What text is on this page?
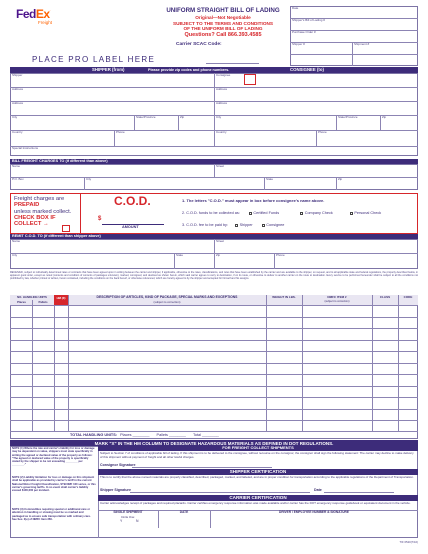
FedEx.
Freight
UNIFORM STRAIGHT BILL OF LADING
Original—Not Negotiable
SUBJECT TO THE TERMS AND CONDITIONS
OF THE UNIFORM BILL OF LADING
Questions? Call 866.393.4585
Carrier SCAC Code:
PLACE PRO LABEL HERE
Date
Shipper's Bill of Lading #
Purchase Order #
Shipper #	Shipment #
SHIPPER (from)	Please provide zip codes and phone numbers.	CONSIGNEE (to)
Shipper	Consignee
Address	Address
Address	Address
City	State/Province	Zip	City	State/Province	Zip
Country	Phone	Country	Phone
Special Instructions
BILL FREIGHT CHARGES TO (if different than above)
Name	Street
P.O. Box	City	State	Zip
Freight charges are PREPAID
unless marked collect.
CHECK BOX IF
COLLECT →
C.O.D.
$
AMOUNT
1. The letters "C.O.D." must appear in box before consignee's name above.
2. C.O.D. funds to be collected as:	Certified Funds	Company Check	Personal Check
3. C.O.D. fee to be paid by:	Shipper	Consignee
REMIT C.O.D. TO (if different than shipper above)
Name	Street
City	State	Zip	Phone
RECEIVED, subject to individually determined rates or contracts that have been agreed upon in writing between the carrier and shipper, if applicable, otherwise to the rates, classifications, and rules that have been established by the carrier and are available to the shipper, on request, and to all applicable state and federal regulations, the property described below, in apparent good order, except as noted (contents and condition of contents of packages unknown), marked, consigned, and destined as shown herein, which said carrier agrees to carry to destination, if on its route, or otherwise to deliver to another carrier on the route to destination. Every service to be performed hereunder shall be subject to all the conditions not prohibited by law, whether printed or written, herein contained, including the conditions on the back hereof, or otherwise referenced, which are hereby agreed to by the shipper and accepted for himself and his assigns.
NO. HANDLING UNITS
Places	Pallets
HM (X)	DESCRIPTION OF ARTICLES, KIND OF PACKAGE, SPECIAL MARKS AND EXCEPTIONS
(subject to correction)
WEIGHT IN LBS.	NMFC ITEM #
(subject to correction)
CLASS	CODE
TOTAL HANDLING UNITS: Places ________ Pallets ________ Total ________
MARK "X" IN THE HM COLUMN TO DESIGNATE HAZARDOUS MATERIALS AS DEFINED IN DOT REGULATIONS.
NOTE (1) Where the rate and carrier's liability for loss or damage may be dependent on value, shippers must state specifically in writing the agreed or declared value of the property as follows: "The agreed or declared value of the property is specifically stated by the shipper to be not exceeding ________ per ________."
NOTE (2) Liability limitation for loss or damage on this shipment shall be applicable as provided by carrier's tariff in the current National Motor Freight Classification, STB NMF 100 series, or this carrier's governing tariffs. In no event shall carrier's liability exceed $100,000 per incident.
NOTE (3) Commodities requiring special or additional care or attention in handling or stowing must be so marked and packaged as to ensure safe transportation with ordinary care. See Sec. 2(e) of NMFC Item 360.
FOR FREIGHT COLLECT SHIPMENTS
Subject to Section 7 of conditions of applicable bill of lading. If this shipment is to be delivered to the consignee, without recourse on the consignor, the consignor shall sign the following statement: The carrier may decline to make delivery of this shipment without payment of freight and all other lawful charges.
Consignor Signature
SHIPPER CERTIFICATION
This is to certify that the above named materials are properly classified, described, packaged, marked, and labeled, and are in proper condition for transportation according to the applicable regulations of the Department of Transportation.
Shipper Signature	Date
CARRIER CERTIFICATION
Carrier acknowledges receipt of packages and required placards. Carrier certifies emergency response information was made available and/or carrier has the DOT emergency response guidebook or equivalent document in the vehicle.
SINGLE SHIPMENT
Circle One:
Y	N
DATE	DRIVER / EMPLOYEE NUMBER & SIGNATURE
TIF 0520(7/10)
